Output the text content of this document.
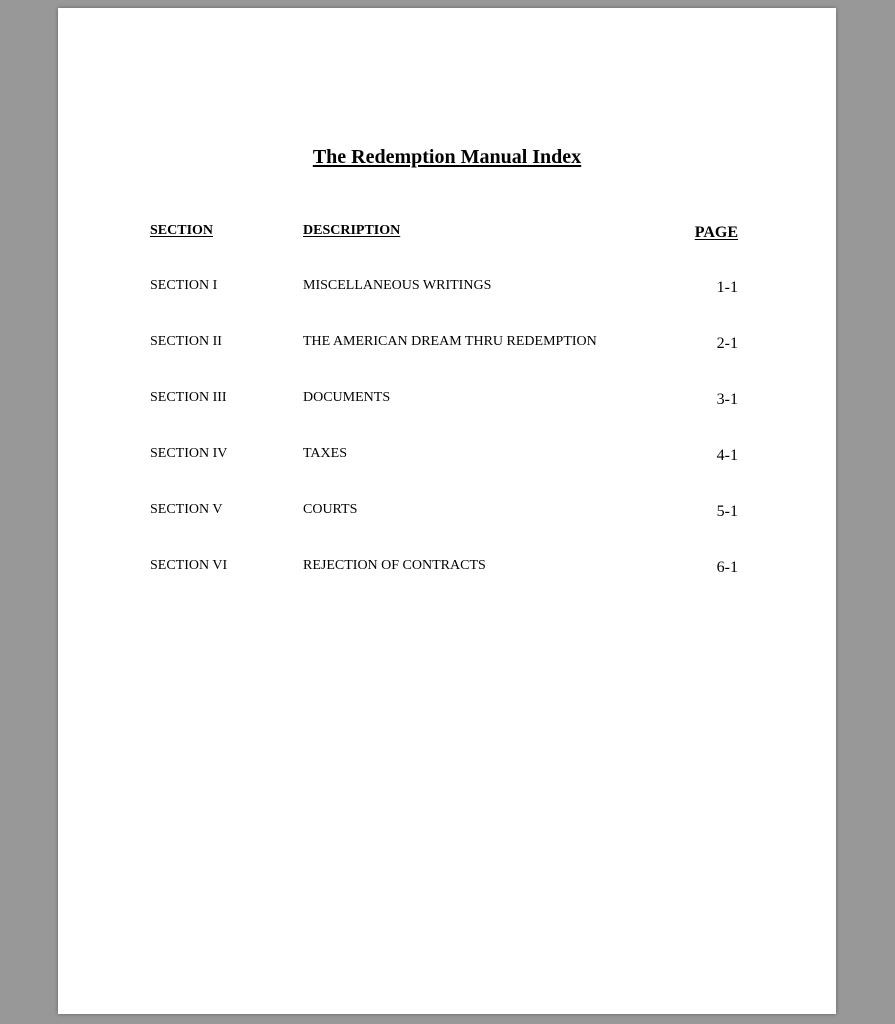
The Redemption Manual Index
SECTION	DESCRIPTION	PAGE
SECTION I	MISCELLANEOUS WRITINGS	1-1
SECTION II	THE AMERICAN DREAM THRU REDEMPTION	2-1
SECTION III	DOCUMENTS	3-1
SECTION IV	TAXES	4-1
SECTION V	COURTS	5-1
SECTION VI	REJECTION OF CONTRACTS	6-1
